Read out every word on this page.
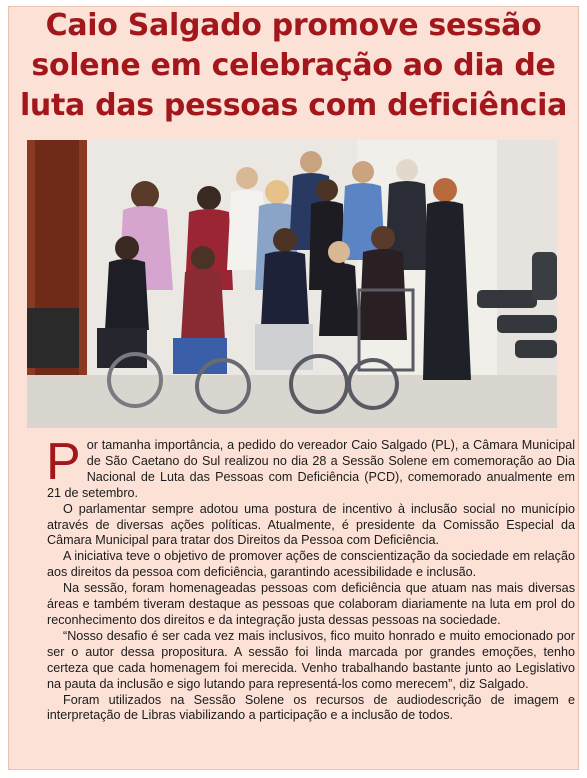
Caio Salgado promove sessão solene em celebração ao dia de luta das pessoas com deficiência

Por tamanha importância, a pedido do vereador Caio Salgado (PL), a Câmara Municipal de São Caetano do Sul realizou no dia 28 a Sessão Solene em comemoração ao Dia Nacional de Luta das Pessoas com Deficiência (PCD), comemorado anualmente em 21 de setembro.

O parlamentar sempre adotou uma postura de incentivo à inclusão social no município através de diversas ações políticas. Atualmente, é presidente da Comissão Especial da Câmara Municipal para tratar dos Direitos da Pessoa com Deficiência.

A iniciativa teve o objetivo de promover ações de conscientização da sociedade em relação aos direitos da pessoa com deficiência, garantindo acessibilidade e inclusão.

Na sessão, foram homenageadas pessoas com deficiência que atuam nas mais diversas áreas e também tiveram destaque as pessoas que colaboram diariamente na luta em prol do reconhecimento dos direitos e da integração justa dessas pessoas na sociedade.

“Nosso desafio é ser cada vez mais inclusivos, fico muito honrado e muito emocionado por ser o autor dessa propositura. A sessão foi linda marcada por grandes emoções, tenho certeza que cada homenagem foi merecida. Venho trabalhando bastante junto ao Legislativo na pauta da inclusão e sigo lutando para representá-los como merecem”, diz Salgado.

Foram utilizados na Sessão Solene os recursos de audiodescrição de imagem e interpretação de Libras viabilizando a participação e a inclusão de todos.
